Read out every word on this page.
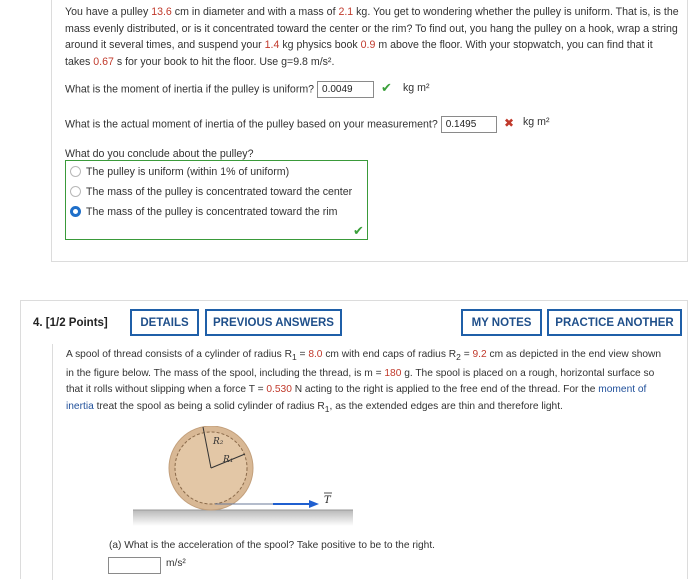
You have a pulley 13.6 cm in diameter and with a mass of 2.1 kg. You get to wondering whether the pulley is uniform. That is, is the mass evenly distributed, or is it concentrated toward the center or the rim? To find out, you hang the pulley on a hook, wrap a string around it several times, and suspend your 1.4 kg physics book 0.9 m above the floor. With your stopwatch, you can find that it takes 0.67 s for your book to hit the floor. Use g=9.8 m/s².
What is the moment of inertia if the pulley is uniform? 0.0049	✔ kg m²
What is the actual moment of inertia of the pulley based on your measurement? 0.1495	✖ kg m²
What do you conclude about the pulley?
The pulley is uniform (within 1% of uniform)
The mass of the pulley is concentrated toward the center
The mass of the pulley is concentrated toward the rim
✔
4. [1/2 Points]	DETAILS	PREVIOUS ANSWERS	MY NOTES	PRACTICE ANOTHER
A spool of thread consists of a cylinder of radius $R_1 = 8.0$ cm with end caps of radius $R_2 = 9.2$ cm as depicted in the end view shown in the figure below. The mass of the spool, including the thread, is m = 180 g. The spool is placed on a rough, horizontal surface so that it rolls without slipping when a force T = 0.530 N acting to the right is applied to the free end of the thread. For the moment of inertia treat the spool as being a solid cylinder of radius $R_1$, as the extended edges are thin and therefore light.
R₂
R₁
T
(a) What is the acceleration of the spool? Take positive to be to the right.
m/s²
